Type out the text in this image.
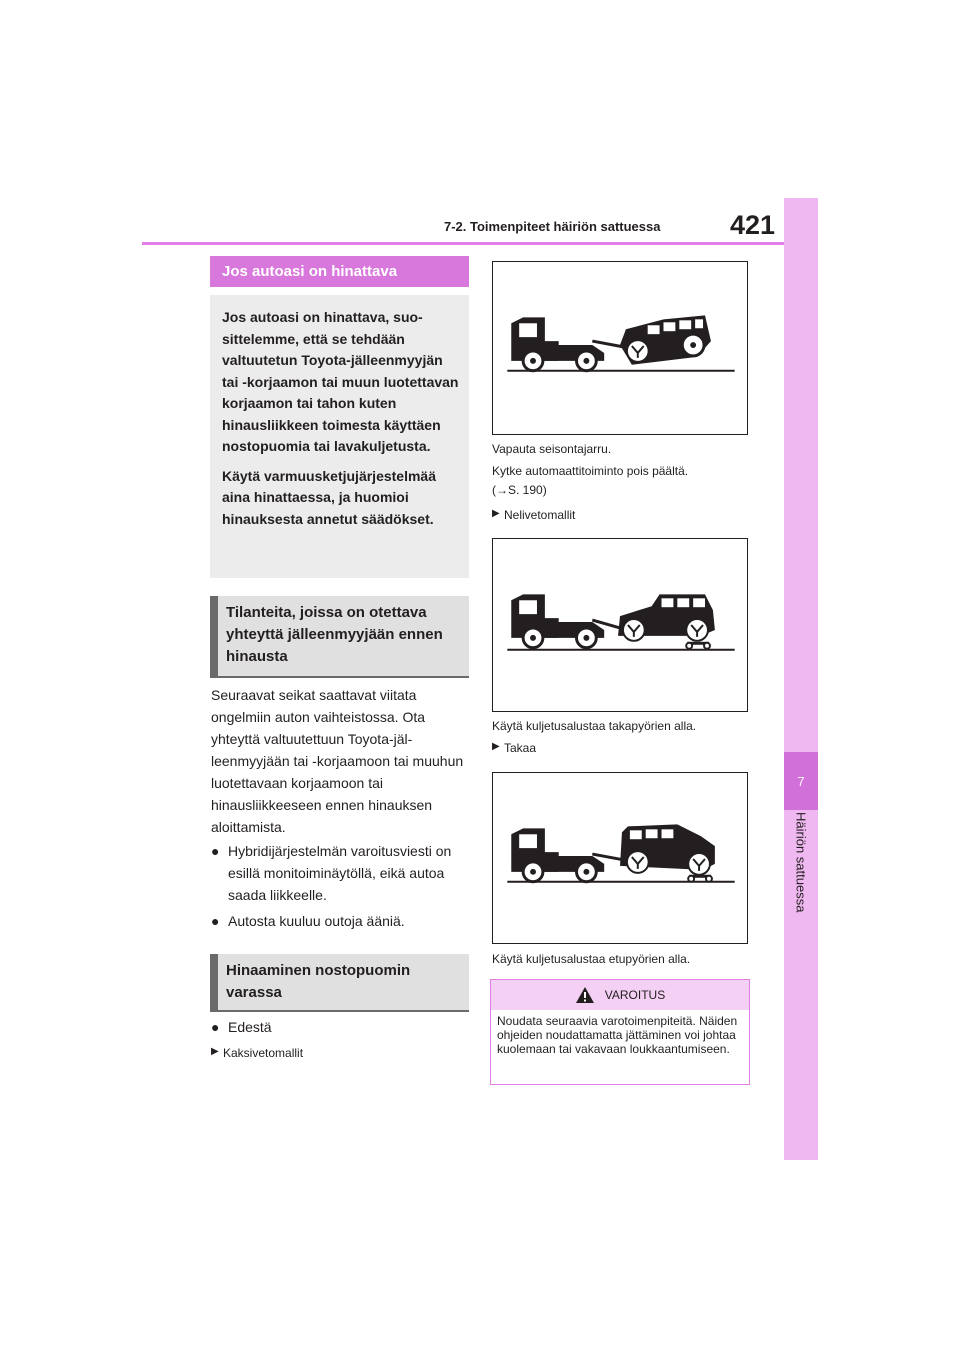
7
Häiriön sattuessa
7-2. Toimenpiteet häiriön sattuessa	421
Jos autoasi on hinattava

Jos autoasi on hinattava, suosittelemme, että se tehdään valtuutetun Toyota-jälleenmyyjän tai -korjaamon tai muun luotettavan korjaamon tai tahon kuten hinausliikkeen toimesta käyttäen nostopuomia tai lavakuljetusta.

Käytä varmuusketjujärjestelmää aina hinattaessa, ja huomioi hinauksesta annetut säädökset.

Tilanteita, joissa on otettava yhteyttä jälleenmyyjään ennen hinausta
Seuraavat seikat saattavat viitata ongelmiin auton vaihteistossa. Ota yhteyttä valtuutettuun Toyota-jälleenmyyjään tai -korjaamoon tai muuhun luotettavaan korjaamoon tai hinausliikkeeseen ennen hinauksen aloittamista.
● Hybridijärjestelmän varoitusviesti on esillä monitoiminäytöllä, eikä autoa saada liikkeelle.
● Autosta kuuluu outoja ääniä.
Hinaaminen nostopuomin varassa
● Edestä
▶ Kaksivetomallit
Vapauta seisontajarru.
Kytke automaattitoiminto pois päältä.
(→S. 190)
▶ Nelivetomallit
Käytä kuljetusalustaa takapyörien alla.
▶ Takaa
Käytä kuljetusalustaa etupyörien alla.
VAROITUS
Noudata seuraavia varotoimenpiteitä. Näiden ohjeiden noudattamatta jättäminen voi johtaa kuolemaan tai vakavaan loukkaantumiseen.
